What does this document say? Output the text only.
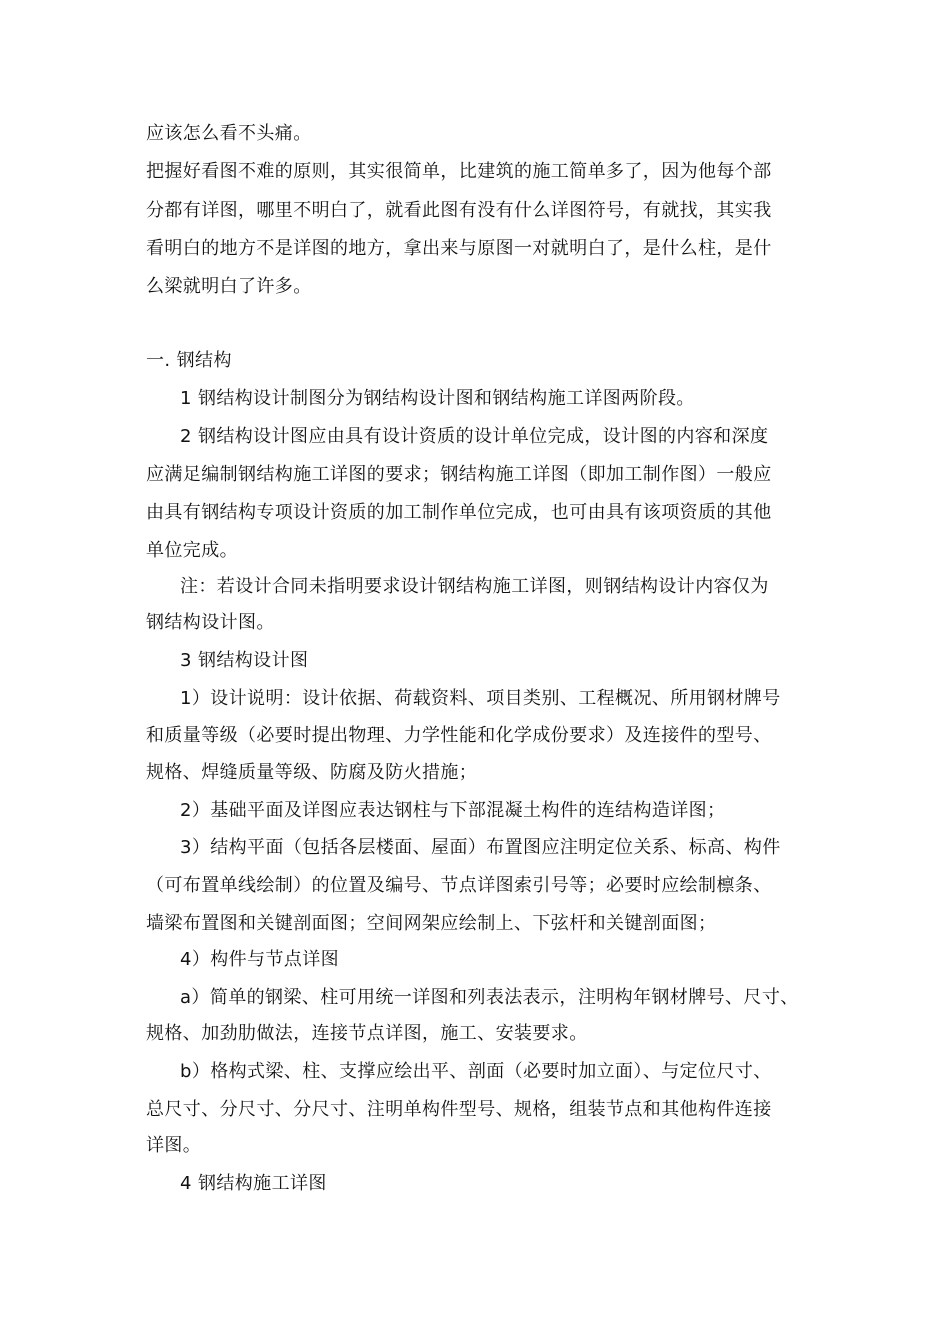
应该怎么看不头痛。
把握好看图不难的原则，其实很简单，比建筑的施工简单多了，因为他每个部
分都有详图，哪里不明白了，就看此图有没有什么详图符号，有就找，其实我
看明白的地方不是详图的地方，拿出来与原图一对就明白了，是什么柱，是什
么梁就明白了许多。
一. 钢结构
1 钢结构设计制图分为钢结构设计图和钢结构施工详图两阶段。
2 钢结构设计图应由具有设计资质的设计单位完成，设计图的内容和深度
应满足编制钢结构施工详图的要求；钢结构施工详图（即加工制作图）一般应
由具有钢结构专项设计资质的加工制作单位完成，也可由具有该项资质的其他
单位完成。
注：若设计合同未指明要求设计钢结构施工详图，则钢结构设计内容仅为
钢结构设计图。
3 钢结构设计图
1）设计说明：设计依据、荷载资料、项目类别、工程概况、所用钢材牌号
和质量等级（必要时提出物理、力学性能和化学成份要求）及连接件的型号、
规格、焊缝质量等级、防腐及防火措施；
2）基础平面及详图应表达钢柱与下部混凝土构件的连结构造详图；
3）结构平面（包括各层楼面、屋面）布置图应注明定位关系、标高、构件
（可布置单线绘制）的位置及编号、节点详图索引号等；必要时应绘制檩条、
墙梁布置图和关键剖面图；空间网架应绘制上、下弦杆和关键剖面图；
4）构件与节点详图
a）简单的钢梁、柱可用统一详图和列表法表示，注明构年钢材牌号、尺寸、
规格、加劲肋做法，连接节点详图，施工、安装要求。
b）格构式梁、柱、支撑应绘出平、剖面（必要时加立面）、与定位尺寸、
总尺寸、分尺寸、分尺寸、注明单构件型号、规格，组装节点和其他构件连接
详图。
4 钢结构施工详图
